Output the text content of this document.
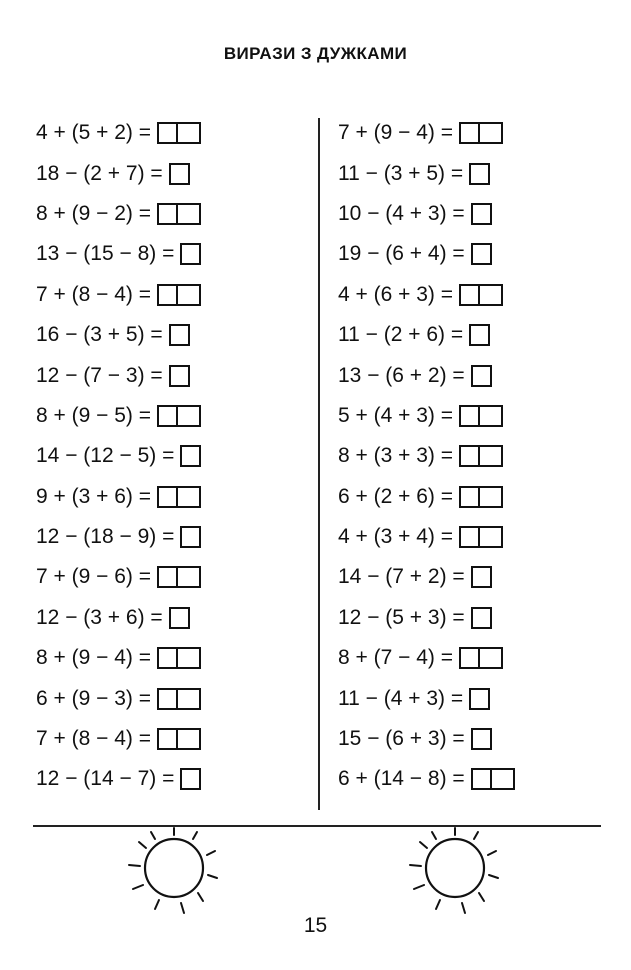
ВИРАЗИ З ДУЖКАМИ
4 + (5 + 2) =
18 − (2 + 7) =
8 + (9 − 2) =
13 − (15 − 8) =
7 + (8 − 4) =
16 − (3 + 5) =
12 − (7 − 3) =
8 + (9 − 5) =
14 − (12 − 5) =
9 + (3 + 6) =
12 − (18 − 9) =
7 + (9 − 6) =
12 − (3 + 6) =
8 + (9 − 4) =
6 + (9 − 3) =
7 + (8 − 4) =
12 − (14 − 7) =
7 + (9 − 4) =
11 − (3 + 5) =
10 − (4 + 3) =
19 − (6 + 4) =
4 + (6 + 3) =
11 − (2 + 6) =
13 − (6 + 2) =
5 + (4 + 3) =
8 + (3 + 3) =
6 + (2 + 6) =
4 + (3 + 4) =
14 − (7 + 2) =
12 − (5 + 3) =
8 + (7 − 4) =
11 − (4 + 3) =
15 − (6 + 3) =
6 + (14 − 8) =
15
